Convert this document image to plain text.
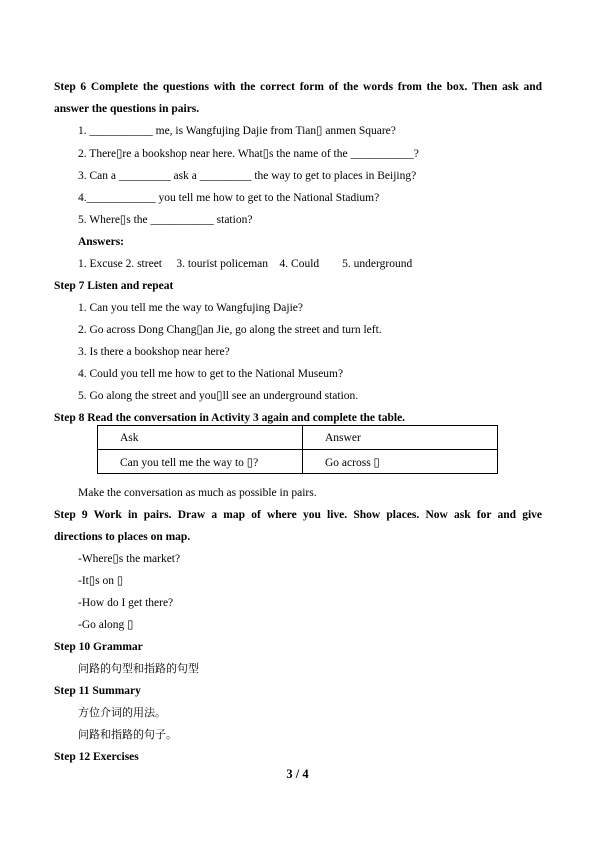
Step 6 Complete the questions with the correct form of the words from the box. Then ask and
answer the questions in pairs.
1. ___________ me, is Wangfujing Dajie from Tian▯ anmen Square?
2. There▯re a bookshop near here. What▯s the name of the ___________?
3. Can a _________ ask a _________ the way to get to places in Beijing?
4.____________ you tell me how to get to the National Stadium?
5. Where▯s the ___________ station?
Answers:
1. Excuse 2. street     3. tourist policeman    4. Could        5. underground
Step 7 Listen and repeat
1. Can you tell me the way to Wangfujing Dajie?
2. Go across Dong Chang▯an Jie, go along the street and turn left.
3. Is there a bookshop near here?
4. Could you tell me how to get to the National Museum?
5. Go along the street and you▯ll see an underground station.
Step 8 Read the conversation in Activity 3 again and complete the table.
Ask	Answer
Can you tell me the way to ▯?	Go across ▯
Make the conversation as much as possible in pairs.
Step 9 Work in pairs. Draw a map of where you live. Show places. Now ask for and give
directions to places on map.
-Where▯s the market?
-It▯s on ▯
-How do I get there?
-Go along ▯
Step 10 Grammar
问路的句型和指路的句型
Step 11 Summary
方位介词的用法。
问路和指路的句子。
Step 12 Exercises
3 / 4
